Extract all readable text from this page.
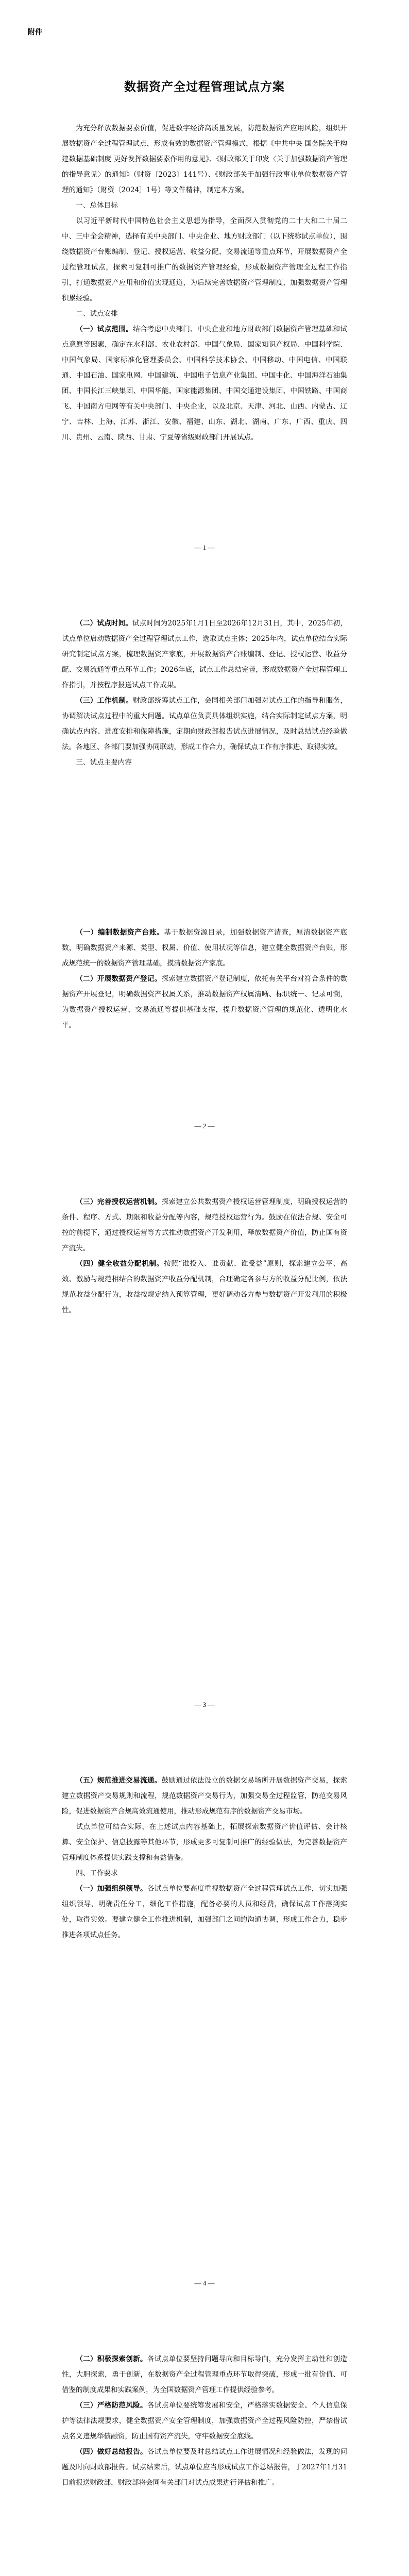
附件
数据资产全过程管理试点方案

为充分释放数据要素价值，促进数字经济高质量发展，防范数据资产应用风险，组织开展数据资产全过程管理试点，形成有效的数据资产管理模式，根据《中共中央 国务院关于构建数据基础制度 更好发挥数据要素作用的意见》、《财政部关于印发〈关于加强数据资产管理的指导意见〉的通知》（财资〔2023〕141号）、《财政部关于加强行政事业单位数据资产管理的通知》（财资〔2024〕1号）等文件精神，制定本方案。

一、总体目标

以习近平新时代中国特色社会主义思想为指导，全面深入贯彻党的二十大和二十届二中、三中全会精神，选择有关中央部门、中央企业、地方财政部门（以下统称试点单位），围绕数据资产台账编制、登记、授权运营、收益分配、交易流通等重点环节，开展数据资产全过程管理试点，探索可复制可推广的数据资产管理经验，形成数据资产管理全过程工作指引，打通数据资产应用和价值实现通道，为后续完善数据资产管理制度，加强数据资产管理积累经验。

二、试点安排

（一）试点范围。结合考虑中央部门、中央企业和地方财政部门数据资产管理基础和试点意愿等因素，确定在水利部、农业农村部、中国气象局、国家知识产权局、中国科学院、中国气象局、国家标准化管理委员会、中国科学技术协会、中国移动、中国电信、中国联通、中国石油、国家电网、中国建筑、中国电子信息产业集团、中国中化、中国海洋石油集团、中国长江三峡集团、中国华能、国家能源集团、中国交通建设集团、中国铁路、中国商飞、中国南方电网等有关中央部门、中央企业，以及北京、天津、河北、山西、内蒙古、辽宁、吉林、上海、江苏、浙江、安徽、福建、山东、湖北、湖南、广东、广西、重庆、四川、贵州、云南、陕西、甘肃、宁夏等省级财政部门开展试点。

— 1 —

（二）试点时间。试点时间为2025年1月1日至2026年12月31日，其中，2025年初，试点单位启动数据资产全过程管理试点工作，选取试点主体；2025年内，试点单位结合实际研究制定试点方案，梳理数据资产家底，开展数据资产台账编制、登记、授权运营、收益分配、交易流通等重点环节工作；2026年底，试点工作总结完善，形成数据资产全过程管理工作指引，并按程序报送试点工作成果。

（三）工作机制。财政部统筹试点工作，会同相关部门加强对试点工作的指导和服务，协调解决试点过程中的重大问题。试点单位负责具体组织实施，结合实际制定试点方案，明确试点内容、进度安排和保障措施，定期向财政部报告试点进展情况，及时总结试点经验做法。各地区、各部门要加强协同联动，形成工作合力，确保试点工作有序推进、取得实效。

三、试点主要内容

（一）编制数据资产台账。基于数据资源目录，加强数据资产清查，厘清数据资产底数，明确数据资产来源、类型、权属、价值、使用状况等信息，建立健全数据资产台账，形成规范统一的数据资产管理基础，摸清数据资产家底。

（二）开展数据资产登记。探索建立数据资产登记制度，依托有关平台对符合条件的数据资产开展登记，明确数据资产权属关系，推动数据资产权属清晰、标识统一、记录可溯，为数据资产授权运营、交易流通等提供基础支撑，提升数据资产管理的规范化、透明化水平。

— 2 —

（三）完善授权运营机制。探索建立公共数据资产授权运营管理制度，明确授权运营的条件、程序、方式、期限和收益分配等内容，规范授权运营行为。鼓励在依法合规、安全可控的前提下，通过授权运营等方式推动数据资产开发利用，释放数据资产价值，防止国有资产流失。

（四）健全收益分配机制。按照“谁投入、谁贡献、谁受益”原则，探索建立公平、高效、激励与规范相结合的数据资产收益分配机制，合理确定各参与方的收益分配比例，依法规范收益分配行为，收益按规定纳入预算管理，更好调动各方参与数据资产开发利用的积极性。

— 3 —

（五）规范推进交易流通。鼓励通过依法设立的数据交易场所开展数据资产交易，探索建立数据资产交易规则和流程，规范数据资产交易行为，加强交易全过程监管，防范交易风险，促进数据资产合规高效流通使用，推动形成规范有序的数据资产交易市场。

试点单位可结合实际，在上述试点内容基础上，拓展探索数据资产价值评估、会计核算、安全保护、信息披露等其他环节，形成更多可复制可推广的经验做法，为完善数据资产管理制度体系提供实践支撑和有益借鉴。

四、工作要求

（一）加强组织领导。各试点单位要高度重视数据资产全过程管理试点工作，切实加强组织领导，明确责任分工，细化工作措施，配备必要的人员和经费，确保试点工作落到实处，取得实效。要建立健全工作推进机制，加强部门之间的沟通协调，形成工作合力，稳步推进各项试点任务。

— 4 —

（二）积极探索创新。各试点单位要坚持问题导向和目标导向，充分发挥主动性和创造性，大胆探索，勇于创新，在数据资产全过程管理重点环节取得突破，形成一批有价值、可借鉴的制度成果和实践案例，为全国数据资产管理工作提供经验参考。

（三）严格防范风险。各试点单位要统筹发展和安全，严格落实数据安全、个人信息保护等法律法规要求，健全数据资产安全管理制度，加强数据资产全过程风险防控，严禁借试点名义违规举债融资，防止国有资产流失，守牢数据安全底线。

（四）做好总结报告。各试点单位要及时总结试点工作进展情况和经验做法，发现的问题及时向财政部报告。试点结束后，试点单位应当形成试点工作总结报告，于2027年1月31日前报送财政部，财政部将会同有关部门对试点成果进行评估和推广。
